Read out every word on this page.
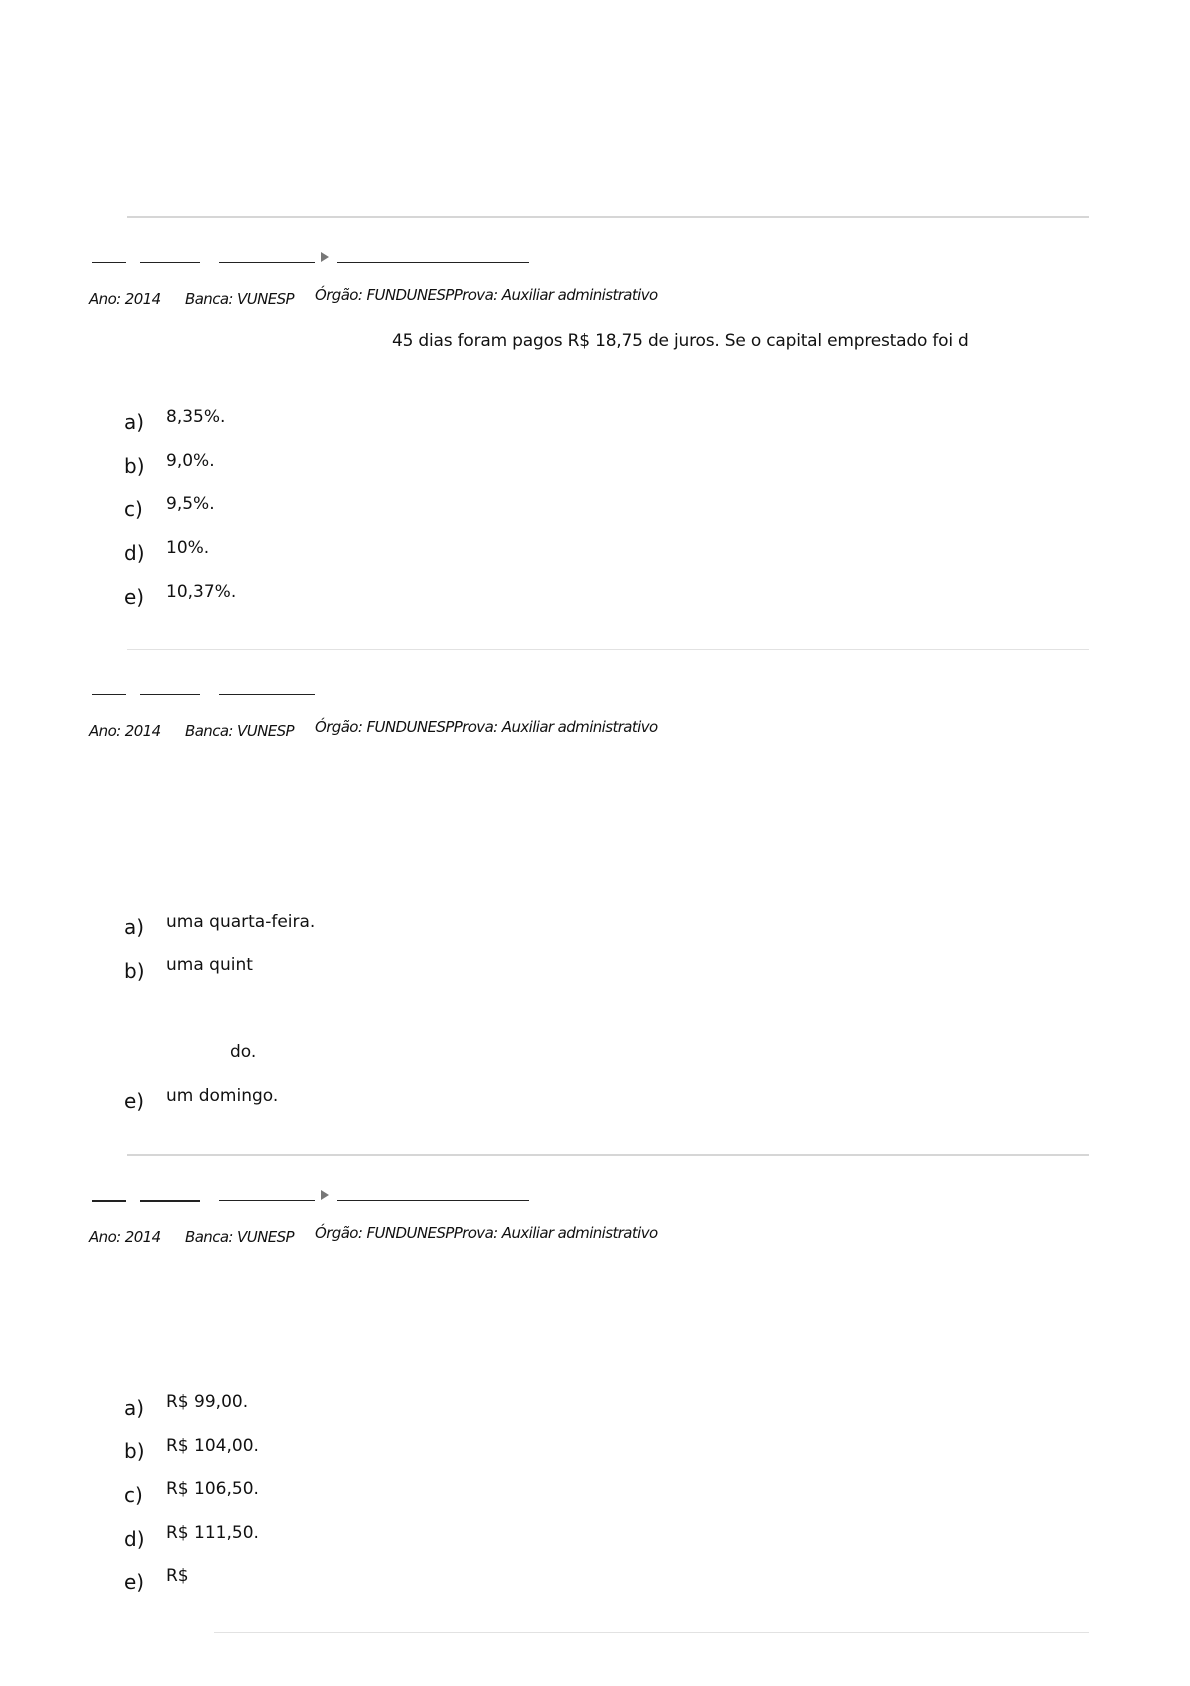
Ano: 2014 Banca: VUNESP Órgão: FUNDUNESPProva: Auxiliar administrativo
45 dias foram pagos R$ 18,75 de juros. Se o capital emprestado foi d
a) 8,35%.
b) 9,0%.
c) 9,5%.
d) 10%.
e) 10,37%.
Ano: 2014 Banca: VUNESP Órgão: FUNDUNESPProva: Auxiliar administrativo
a) uma quarta-feira.
b) uma quint
do.
e) um domingo.
Ano: 2014 Banca: VUNESP Órgão: FUNDUNESPProva: Auxiliar administrativo
a) R$ 99,00.
b) R$ 104,00.
c) R$ 106,50.
d) R$ 111,50.
e) R$
